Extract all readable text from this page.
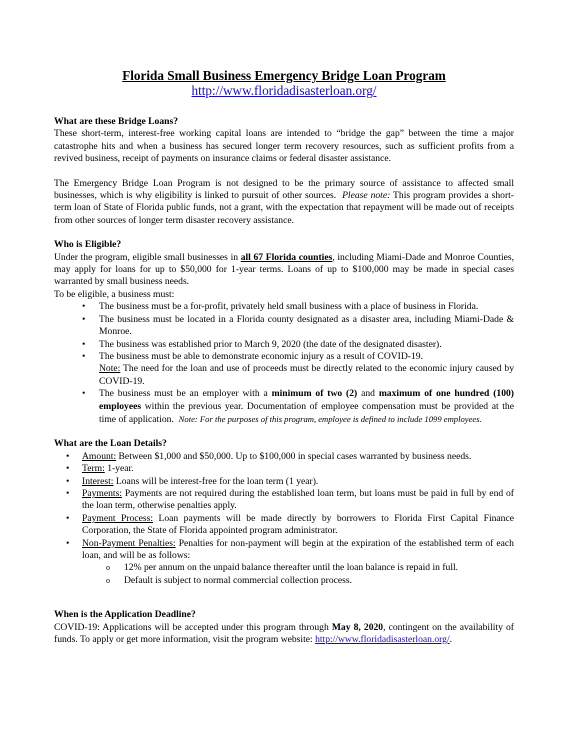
Florida Small Business Emergency Bridge Loan Program
http://www.floridadisasterloan.org/
What are these Bridge Loans?

These short-term, interest-free working capital loans are intended to “bridge the gap” between the time a major catastrophe hits and when a business has secured longer term recovery resources, such as sufficient profits from a revived business, receipt of payments on insurance claims or federal disaster assistance.

The Emergency Bridge Loan Program is not designed to be the primary source of assistance to affected small businesses, which is why eligibility is linked to pursuit of other sources. Please note: This program provides a short-term loan of State of Florida public funds, not a grant, with the expectation that repayment will be made out of receipts from other sources of longer term disaster recovery assistance.

Who is Eligible?

Under the program, eligible small businesses in all 67 Florida counties, including Miami-Dade and Monroe Counties, may apply for loans for up to $50,000 for 1-year terms. Loans of up to $100,000 may be made in special cases warranted by small business needs.

To be eligible, a business must:
• The business must be a for-profit, privately held small business with a place of business in Florida.
• The business must be located in a Florida county designated as a disaster area, including Miami-Dade & Monroe.
• The business was established prior to March 9, 2020 (the date of the designated disaster).
• The business must be able to demonstrate economic injury as a result of COVID-19.
Note: The need for the loan and use of proceeds must be directly related to the economic injury caused by COVID-19.
• The business must be an employer with a minimum of two (2) and maximum of one hundred (100) employees within the previous year. Documentation of employee compensation must be provided at the time of application. Note: For the purposes of this program, employee is defined to include 1099 employees.
What are the Loan Details?
• Amount: Between $1,000 and $50,000. Up to $100,000 in special cases warranted by business needs.
• Term: 1-year.
• Interest: Loans will be interest-free for the loan term (1 year).
• Payments: Payments are not required during the established loan term, but loans must be paid in full by end of the loan term, otherwise penalties apply.
• Payment Process: Loan payments will be made directly by borrowers to Florida First Capital Finance Corporation, the State of Florida appointed program administrator.
• Non-Payment Penalties: Penalties for non-payment will begin at the expiration of the established term of each loan, and will be as follows:
o 12% per annum on the unpaid balance thereafter until the loan balance is repaid in full.
o Default is subject to normal commercial collection process.
When is the Application Deadline?

COVID-19: Applications will be accepted under this program through May 8, 2020, contingent on the availability of funds. To apply or get more information, visit the program website: http://www.floridadisasterloan.org/.
